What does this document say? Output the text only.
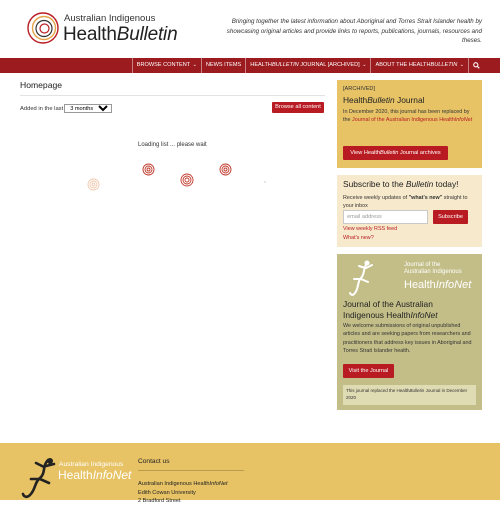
Australian Indigenous
HealthBulletin
Bringing together the latest information about Aboriginal and Torres Strait Islander health by showcasing original articles and provide links to reports, publications, journals, resources and theses.
BROWSE CONTENT ⌄	NEWS ITEMS	HEALTHBULLETIN JOURNAL [ARCHIVED] ⌄	ABOUT THE HEALTHBULLETIN ⌄
Homepage
Added in the last
3 months	Browse all content
Loading list ... please wait
[ARCHIVED]
HealthBulletin Journal
In December 2020, this journal has been replaced by the Journal of the Australian Indigenous HealthInfoNet
View HealthBulletin Journal archives
Subscribe to the Bulletin today!
Receive weekly updates of "what's new" straight to your inbox
email address
Subscribe
View weekly RSS feed
What's new?
Journal of the
Australian Indigenous
HealthInfoNet
Journal of the Australian Indigenous HealthInfoNet
We welcome submissions of original unpublished articles and are seeking papers from researchers and practitioners that address key issues in Aboriginal and Torres Strait Islander health.
Visit the Journal
This journal replaced the HealthBulletin Journal in December 2020
Australian Indigenous
HealthInfoNet
Contact us
Australian Indigenous HealthInfoNet
Edith Cowan University
2 Bradford Street
